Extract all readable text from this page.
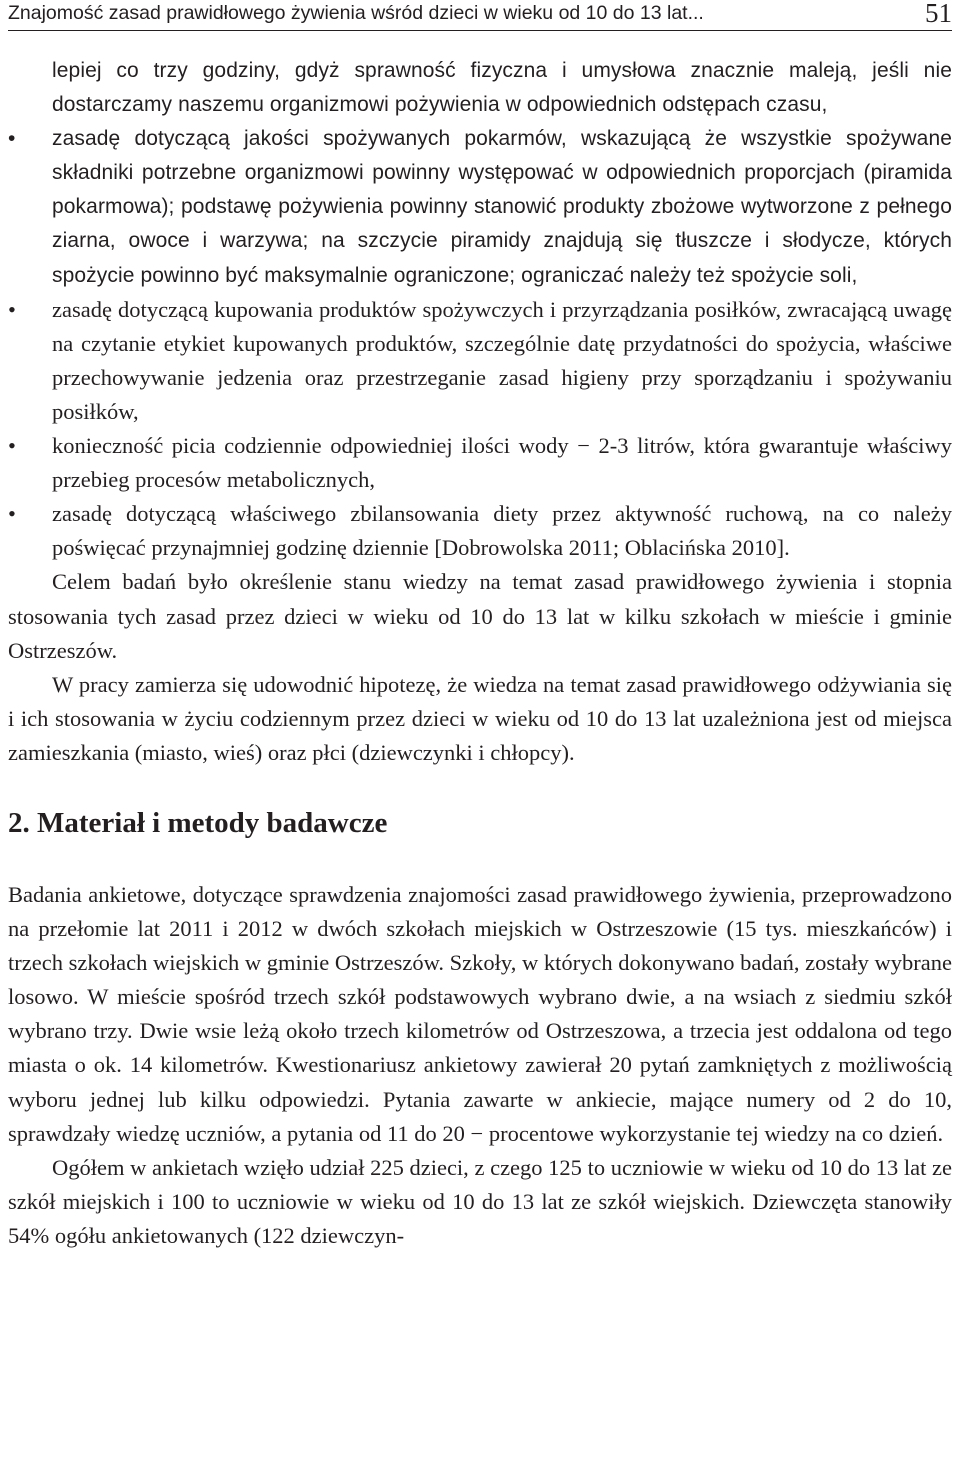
Znajomość zasad prawidłowego żywienia wśród dzieci w wieku od 10 do 13 lat...	51

lepiej co trzy godziny, gdyż sprawność fizyczna i umysłowa znacznie maleją, jeśli nie dostarczamy naszemu organizmowi pożywienia w odpowiednich odstępach czasu,

• zasadę dotyczącą jakości spożywanych pokarmów, wskazującą że wszystkie spożywane składniki potrzebne organizmowi powinny występować w odpowiednich proporcjach (piramida pokarmowa); podstawę pożywienia powinny stanowić produkty zbożowe wytworzone z pełnego ziarna, owoce i warzywa; na szczycie piramidy znajdują się tłuszcze i słodycze, których spożycie powinno być maksymalnie ograniczone; ograniczać należy też spożycie soli,
• zasadę dotyczącą kupowania produktów spożywczych i przyrządzania posiłków, zwracającą uwagę na czytanie etykiet kupowanych produktów, szczególnie datę przydatności do spożycia, właściwe przechowywanie jedzenia oraz przestrzeganie zasad higieny przy sporządzaniu i spożywaniu posiłków,
• konieczność picia codziennie odpowiedniej ilości wody − 2-3 litrów, która gwarantuje właściwy przebieg procesów metabolicznych,
• zasadę dotyczącą właściwego zbilansowania diety przez aktywność ruchową, na co należy poświęcać przynajmniej godzinę dziennie [Dobrowolska 2011; Oblacińska 2010].

Celem badań było określenie stanu wiedzy na temat zasad prawidłowego żywienia i stopnia stosowania tych zasad przez dzieci w wieku od 10 do 13 lat w kilku szkołach w mieście i gminie Ostrzeszów.

W pracy zamierza się udowodnić hipotezę, że wiedza na temat zasad prawidłowego odżywiania się i ich stosowania w życiu codziennym przez dzieci w wieku od 10 do 13 lat uzależniona jest od miejsca zamieszkania (miasto, wieś) oraz płci (dziewczynki i chłopcy).

2. Materiał i metody badawcze

Badania ankietowe, dotyczące sprawdzenia znajomości zasad prawidłowego żywienia, przeprowadzono na przełomie lat 2011 i 2012 w dwóch szkołach miejskich w Ostrzeszowie (15 tys. mieszkańców) i trzech szkołach wiejskich w gminie Ostrzeszów. Szkoły, w których dokonywano badań, zostały wybrane losowo. W mieście spośród trzech szkół podstawowych wybrano dwie, a na wsiach z siedmiu szkół wybrano trzy. Dwie wsie leżą około trzech kilometrów od Ostrzeszowa, a trzecia jest oddalona od tego miasta o ok. 14 kilometrów. Kwestionariusz ankietowy zawierał 20 pytań zamkniętych z możliwością wyboru jednej lub kilku odpowiedzi. Pytania zawarte w ankiecie, mające numery od 2 do 10, sprawdzały wiedzę uczniów, a pytania od 11 do 20 − procentowe wykorzystanie tej wiedzy na co dzień.

Ogółem w ankietach wzięło udział 225 dzieci, z czego 125 to uczniowie w wieku od 10 do 13 lat ze szkół miejskich i 100 to uczniowie w wieku od 10 do 13 lat ze szkół wiejskich. Dziewczęta stanowiły 54% ogółu ankietowanych (122 dziewczyn-
